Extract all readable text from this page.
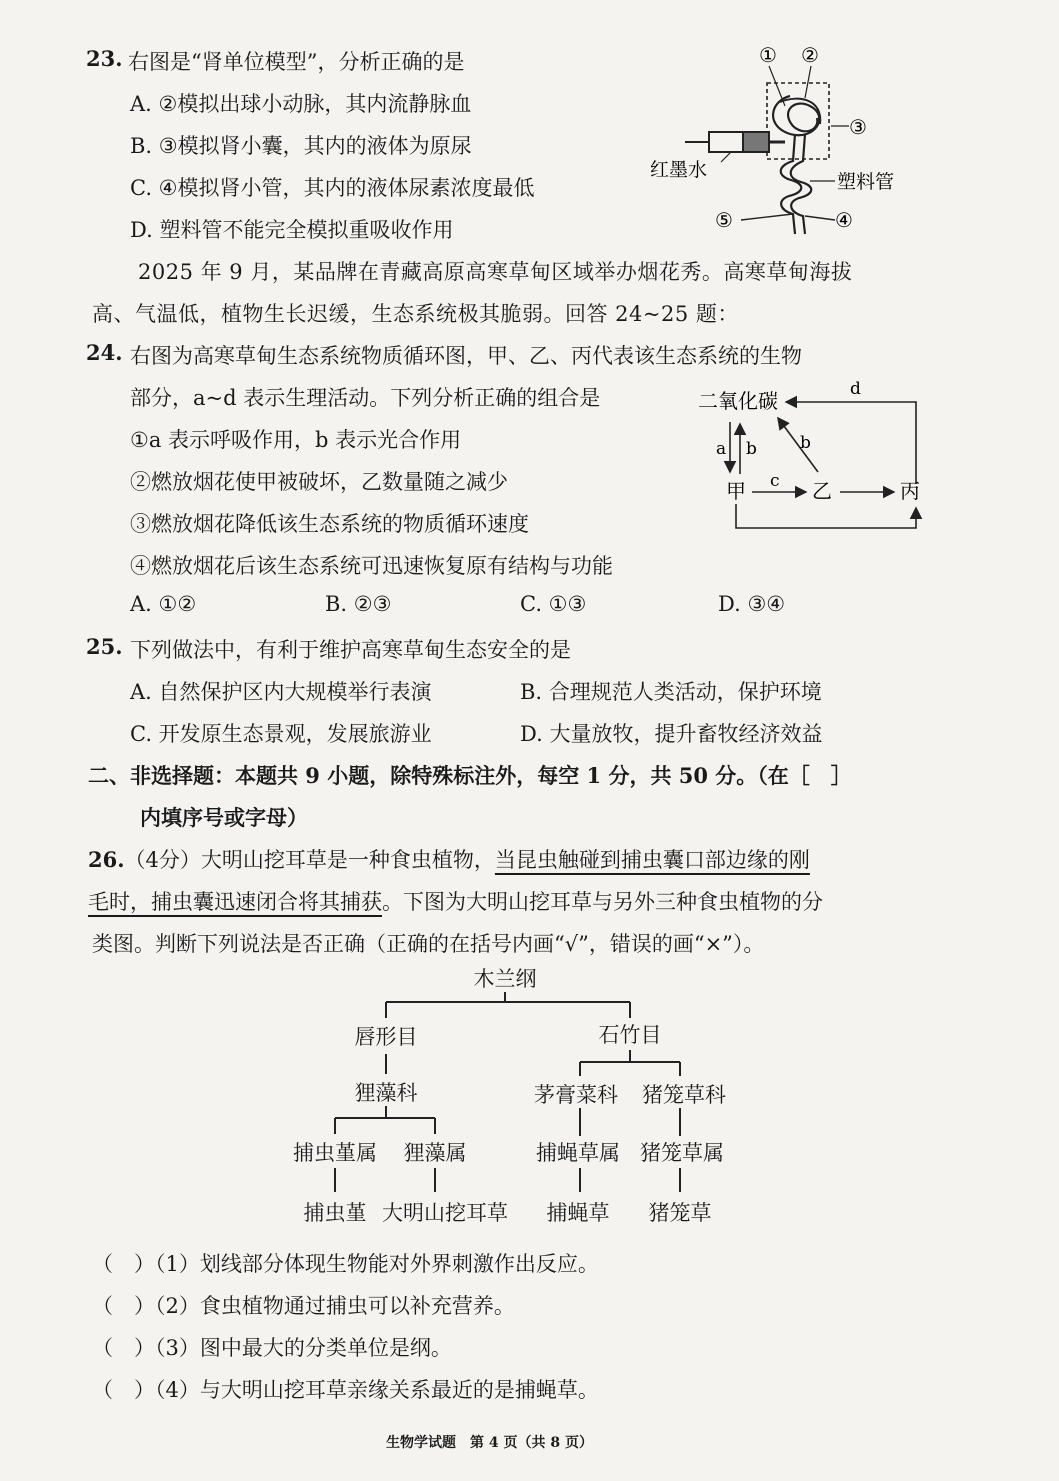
23. 右图是“肾单位模型”，分析正确的是
A. ②模拟出球小动脉，其内流静脉血
B. ③模拟肾小囊，其内的液体为原尿
C. ④模拟肾小管，其内的液体尿素浓度最低
D. 塑料管不能完全模拟重吸收作用
① ②
③
红墨水
塑料管
⑤	④
2025 年 9 月，某品牌在青藏高原高寒草甸区域举办烟花秀。高寒草甸海拔
高、气温低，植物生长迟缓，生态系统极其脆弱。回答 24~25 题：
24. 右图为高寒草甸生态系统物质循环图，甲、乙、丙代表该生态系统的生物
部分，a~d 表示生理活动。下列分析正确的组合是
①a 表示呼吸作用，b 表示光合作用
②燃放烟花使甲被破坏，乙数量随之减少
③燃放烟花降低该生态系统的物质循环速度
④燃放烟花后该生态系统可迅速恢复原有结构与功能
A. ①②	B. ②③	C. ①③	D. ③④
二氧化碳	d
a b	b
甲 c 乙	丙
25. 下列做法中，有利于维护高寒草甸生态安全的是
A. 自然保护区内大规模举行表演	B. 合理规范人类活动，保护环境
C. 开发原生态景观，发展旅游业	D. 大量放牧，提升畜牧经济效益
二、非选择题：本题共 9 小题，除特殊标注外，每空 1 分，共 50 分。（在［　］
内填序号或字母）
26.（4分）大明山挖耳草是一种食虫植物，当昆虫触碰到捕虫囊口部边缘的刚
毛时，捕虫囊迅速闭合将其捕获。下图为大明山挖耳草与另外三种食虫植物的分
类图。判断下列说法是否正确（正确的在括号内画“√”，错误的画“×”）。
木兰纲
唇形目	石竹目
狸藻科	茅膏菜科 猪笼草科
捕虫堇属 狸藻属	捕蝇草属 猪笼草属
捕虫堇 大明山挖耳草 捕蝇草 猪笼草
（　）（1）划线部分体现生物能对外界刺激作出反应。
（　）（2）食虫植物通过捕虫可以补充营养。
（　）（3）图中最大的分类单位是纲。
（　）（4）与大明山挖耳草亲缘关系最近的是捕蝇草。
生物学试题　第 4 页（共 8 页）
